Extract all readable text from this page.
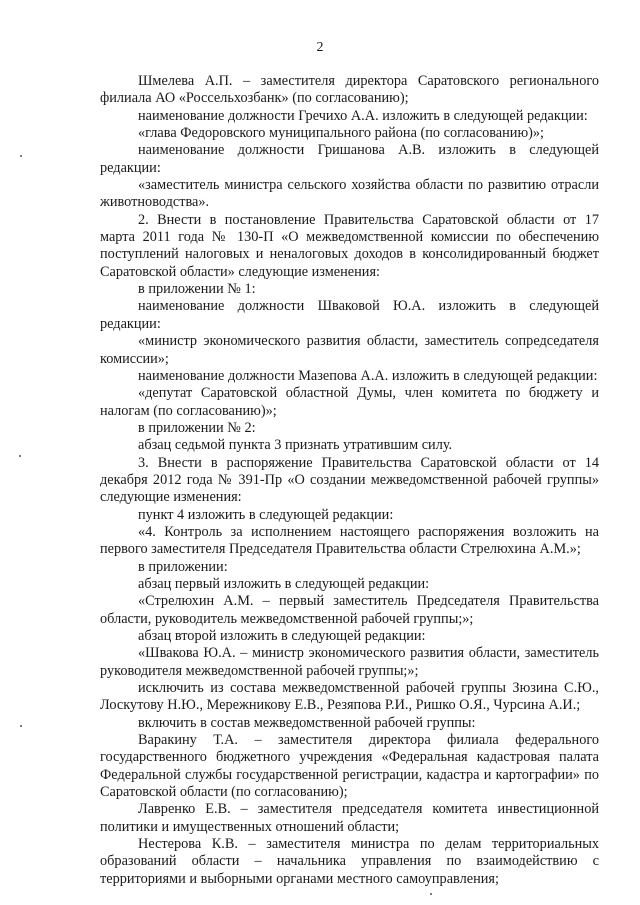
2

Шмелева А.П. – заместителя директора Саратовского регионального филиала АО «Россельхозбанк» (по согласованию);

наименование должности Гречихо А.А. изложить в следующей редакции:

«глава Федоровского муниципального района (по согласованию)»;

наименование должности Гришанова А.В. изложить в следующей редакции:

«заместитель министра сельского хозяйства области по развитию отрасли животноводства».

2. Внести в постановление Правительства Саратовской области от 17 марта 2011 года № 130-П «О межведомственной комиссии по обеспечению поступлений налоговых и неналоговых доходов в консолидированный бюджет Саратовской области» следующие изменения:

в приложении № 1:

наименование должности Шваковой Ю.А. изложить в следующей редакции:

«министр экономического развития области, заместитель сопредседателя комиссии»;

наименование должности Мазепова А.А. изложить в следующей редакции:

«депутат Саратовской областной Думы, член комитета по бюджету и налогам (по согласованию)»;

в приложении № 2:

абзац седьмой пункта 3 признать утратившим силу.

3. Внести в распоряжение Правительства Саратовской области от 14 декабря 2012 года № 391-Пр «О создании межведомственной рабочей группы» следующие изменения:

пункт 4 изложить в следующей редакции:

«4. Контроль за исполнением настоящего распоряжения возложить на первого заместителя Председателя Правительства области Стрелюхина А.М.»;

в приложении:

абзац первый изложить в следующей редакции:

«Стрелюхин А.М. – первый заместитель Председателя Правительства области, руководитель межведомственной рабочей группы;»;

абзац второй изложить в следующей редакции:

«Швакова Ю.А. – министр экономического развития области, заместитель руководителя межведомственной рабочей группы;»;

исключить из состава межведомственной рабочей группы Зюзина С.Ю., Лоскутову Н.Ю., Мережникову Е.В., Резяпова Р.И., Ришко О.Я., Чурсина А.И.;

включить в состав межведомственной рабочей группы:

Варакину Т.А. – заместителя директора филиала федерального государственного бюджетного учреждения «Федеральная кадастровая палата Федеральной службы государственной регистрации, кадастра и картографии» по Саратовской области (по согласованию);

Лавренко Е.В. – заместителя председателя комитета инвестиционной политики и имущественных отношений области;

Нестерова К.В. – заместителя министра по делам территориальных образований области – начальника управления по взаимодействию с территориями и выборными органами местного самоуправления;
